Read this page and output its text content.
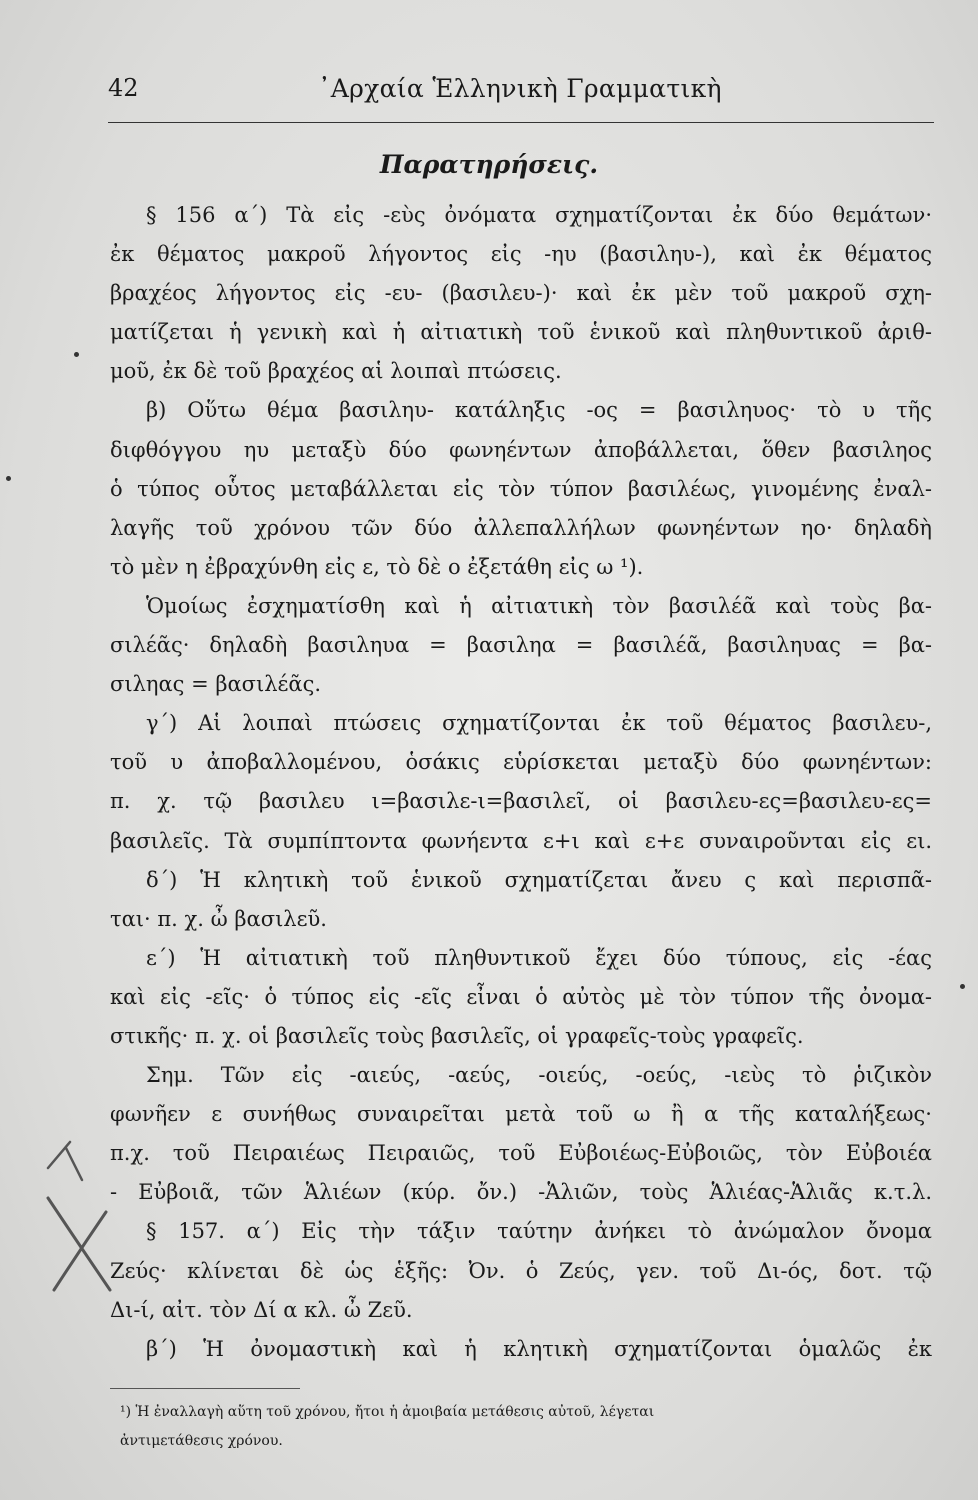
42	᾿Αρχαία Ἑλληνικὴ Γραμματικὴ
Παρατηρήσεις.
§ 156 α΄) Τὰ εἰς -εὺς ὀνόματα σχηματίζονται ἐκ δύο θεμάτων·
ἐκ θέματος μακροῦ λήγοντος εἰς -ηυ (βασιληυ-), καὶ ἐκ θέματος
βραχέος λήγοντος εἰς -ευ- (βασιλευ-)· καὶ ἐκ μὲν τοῦ μακροῦ σχη-
ματίζεται ἡ γενικὴ καὶ ἡ αἰτιατικὴ τοῦ ἑνικοῦ καὶ πληθυντικοῦ ἀριθ-
μοῦ, ἐκ δὲ τοῦ βραχέος αἱ λοιπαὶ πτώσεις.
β) Οὕτω θέμα βασιληυ- κατάληξις -ος = βασιληυος· τὸ υ τῆς
διφθόγγου ηυ μεταξὺ δύο φωνηέντων ἀποβάλλεται, ὅθεν βασιληος
ὁ τύπος οὗτος μεταβάλλεται εἰς τὸν τύπον βασιλέως, γινομένης ἐναλ-
λαγῆς τοῦ χρόνου τῶν δύο ἀλλεπαλλήλων φωνηέντων ηο· δηλαδὴ
τὸ μὲν η ἐβραχύνθη εἰς ε, τὸ δὲ ο ἐξετάθη εἰς ω ¹).
Ὁμοίως ἐσχηματίσθη καὶ ἡ αἰτιατικὴ τὸν βασιλέᾶ καὶ τοὺς βα-
σιλέᾶς· δηλαδὴ βασιληυα = βασιληα = βασιλέᾶ, βασιληυας = βα-
σιληας = βασιλέᾶς.
γ΄) Αἱ λοιπαὶ πτώσεις σχηματίζονται ἐκ τοῦ θέματος βασιλευ-,
τοῦ υ ἀποβαλλομένου, ὁσάκις εὑρίσκεται μεταξὺ δύο φωνηέντων:
π. χ. τῷ βασιλευ ι=βασιλε-ι=βασιλεῖ, οἱ βασιλευ-ες=βασιλευ-ες=
βασιλεῖς. Τὰ συμπίπτοντα φωνήεντα ε+ι καὶ ε+ε συναιροῦνται εἰς ει.
δ΄) Ἡ κλητικὴ τοῦ ἑνικοῦ σχηματίζεται ἄνευ ς καὶ περισπᾶ-
ται· π. χ. ὦ βασιλεῦ.
ε΄) Ἡ αἰτιατικὴ τοῦ πληθυντικοῦ ἔχει δύο τύπους, εἰς -έας
καὶ εἰς -εῖς· ὁ τύπος εἰς -εῖς εἶναι ὁ αὐτὸς μὲ τὸν τύπον τῆς ὀνομα-
στικῆς· π. χ. οἱ βασιλεῖς τοὺς βασιλεῖς, οἱ γραφεῖς-τοὺς γραφεῖς.
Σημ. Τῶν εἰς -αιεύς, -αεύς, -οιεύς, -οεύς, -ιεὺς τὸ ῥιζικὸν
φωνῆεν ε συνήθως συναιρεῖται μετὰ τοῦ ω ἢ α τῆς καταλήξεως·
π.χ. τοῦ Πειραιέως Πειραιῶς, τοῦ Εὐβοιέως-Εὐβοιῶς, τὸν Εὐβοιέα
- Εὐβοιᾶ, τῶν Ἁλιέων (κύρ. ὄν.) -Ἁλιῶν, τοὺς Ἁλιέας-Ἁλιᾶς κ.τ.λ.
§ 157. α΄) Εἰς τὴν τάξιν ταύτην ἀνήκει τὸ ἀνώμαλον ὄνομα
Ζεύς· κλίνεται δὲ ὡς ἑξῆς: Ὀν. ὁ Ζεύς, γεν. τοῦ Δι-ός, δοτ. τῷ
Δι-ί, αἰτ. τὸν Δί α κλ. ὦ Ζεῦ.
β΄) Ἡ ὀνομαστικὴ καὶ ἡ κλητικὴ σχηματίζονται ὁμαλῶς ἐκ
¹) Ἡ ἐναλλαγὴ αὕτη τοῦ χρόνου, ἤτοι ἡ ἀμοιβαία μετάθεσις αὐτοῦ, λέγεται
ἀντιμετάθεσις χρόνου.
